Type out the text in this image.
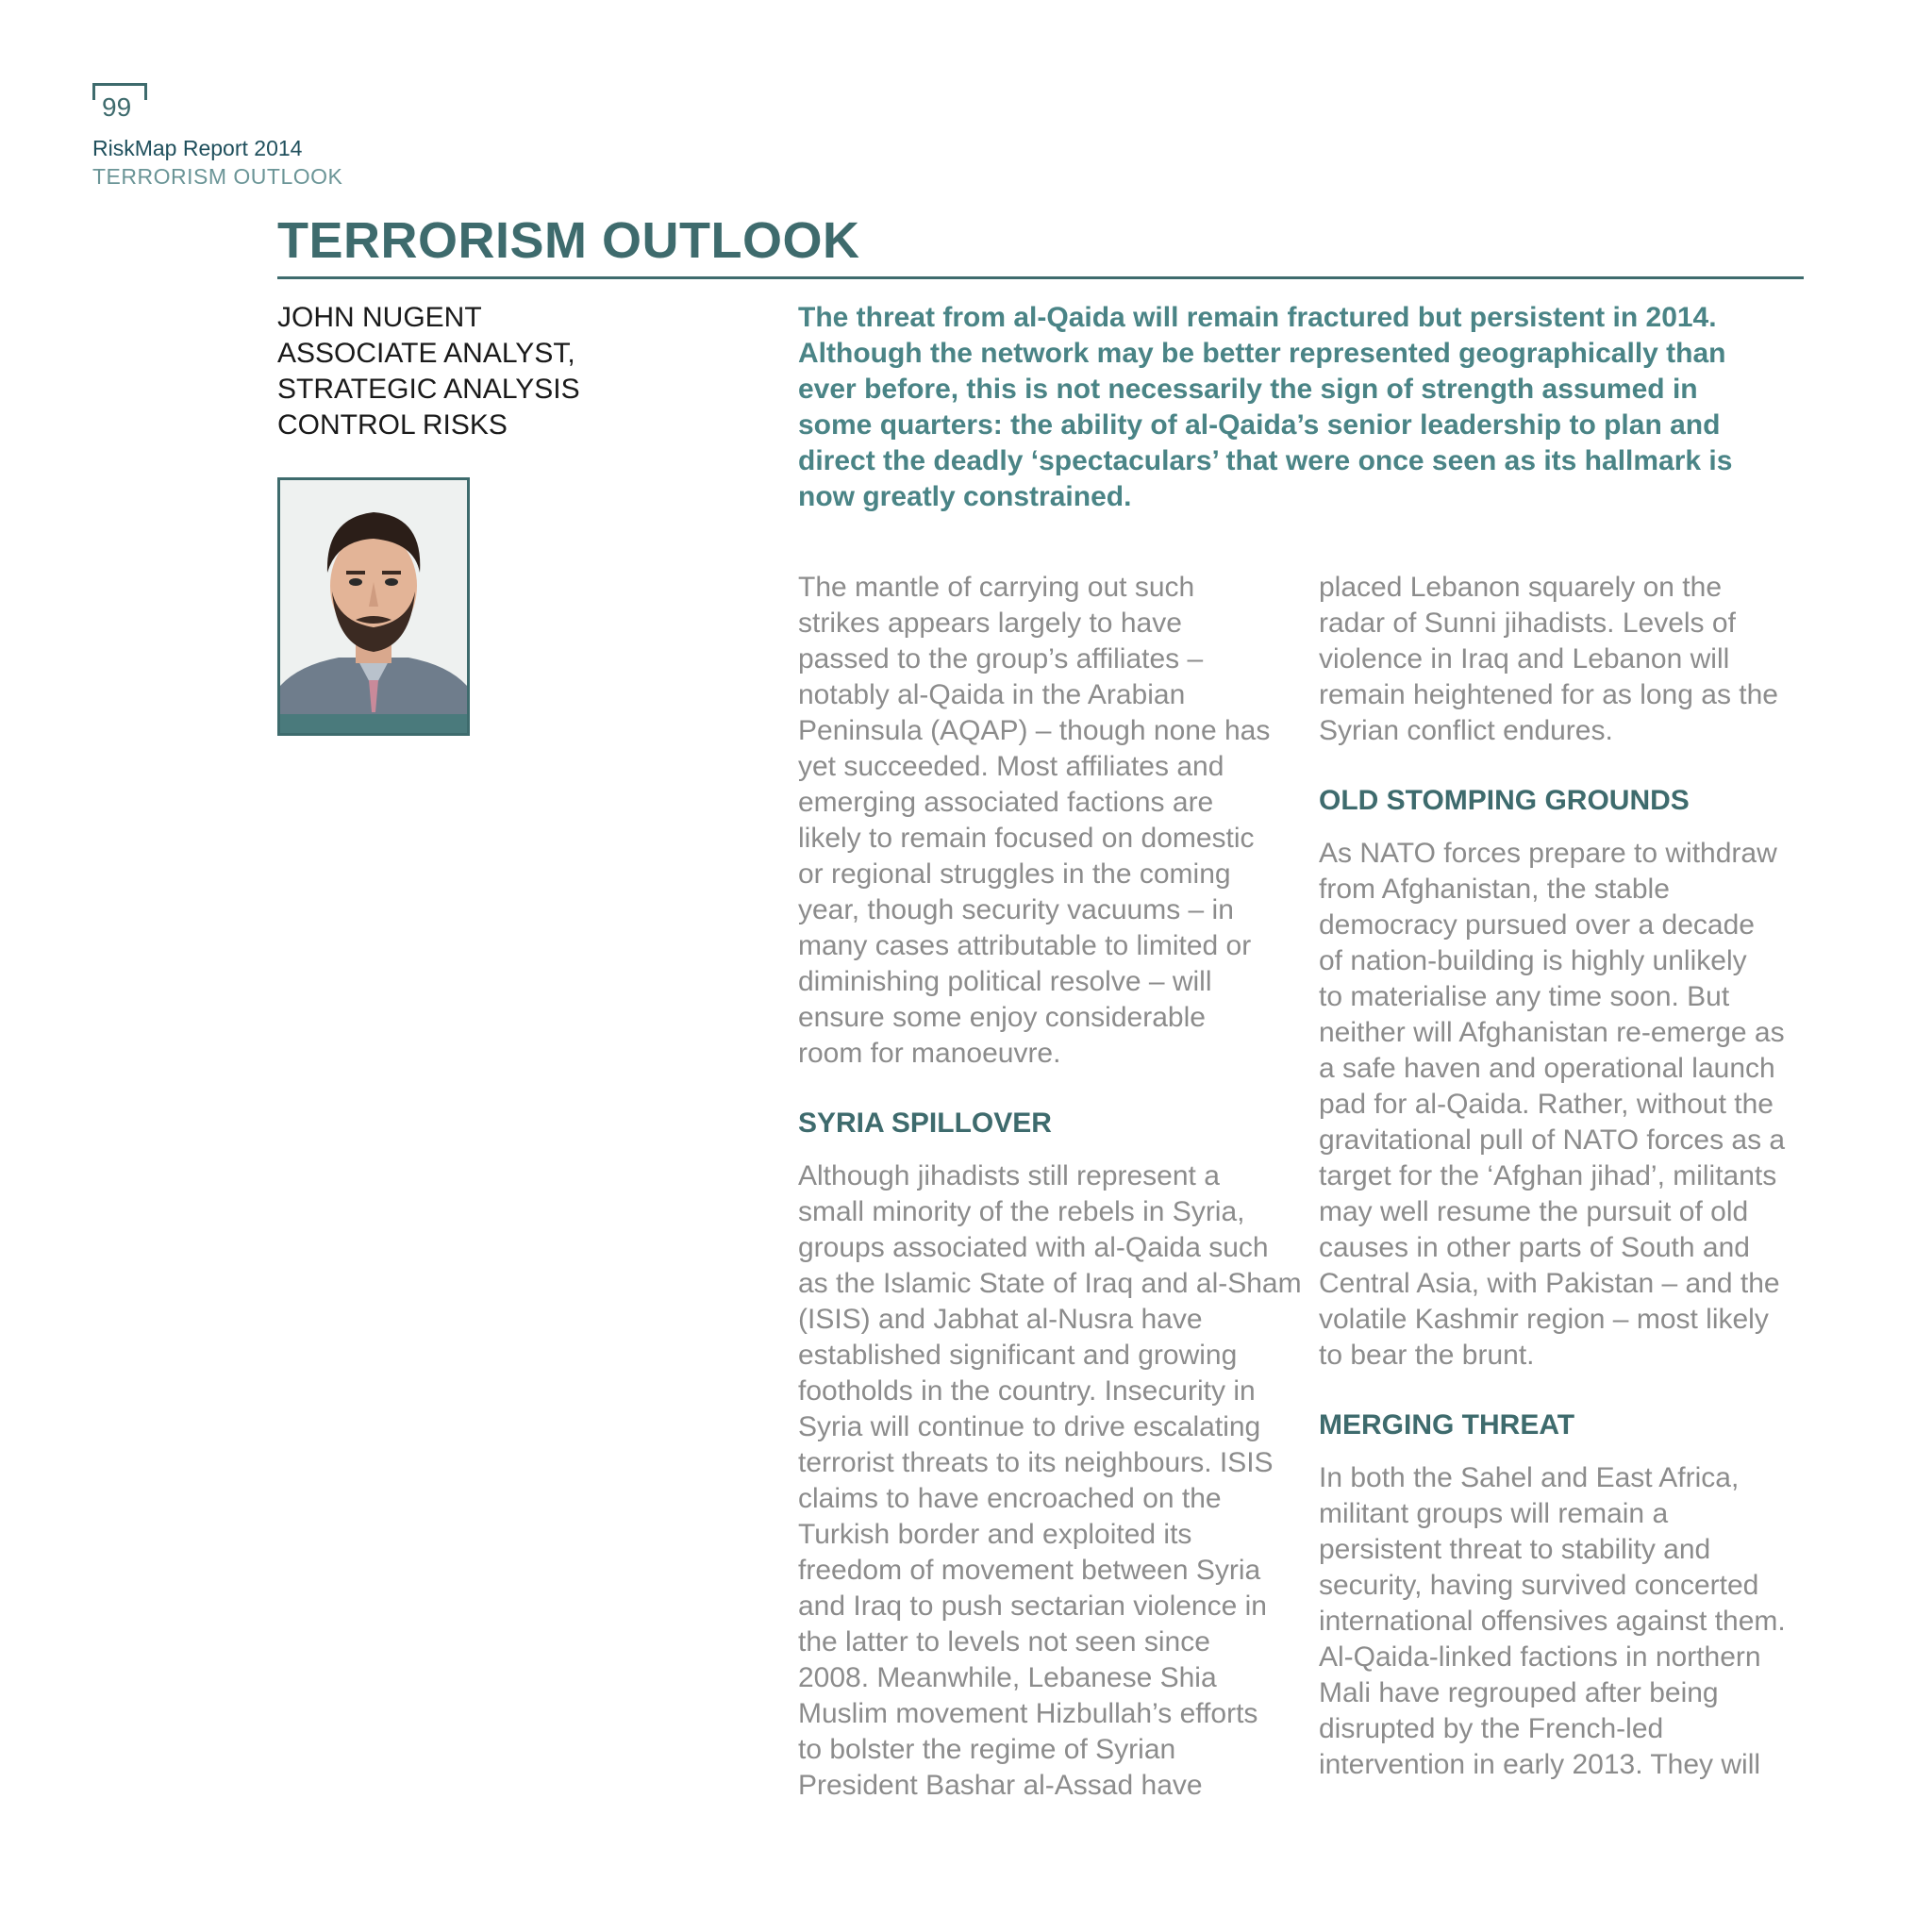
99
RiskMap Report 2014
TERRORISM OUTLOOK
TERRORISM OUTLOOK
JOHN NUGENT
ASSOCIATE ANALYST,
STRATEGIC ANALYSIS
CONTROL RISKS
The threat from al-Qaida will remain fractured but persistent in 2014.
Although the network may be better represented geographically than
ever before, this is not necessarily the sign of strength assumed in
some quarters: the ability of al-Qaida’s senior leadership to plan and
direct the deadly ‘spectaculars’ that were once seen as its hallmark is
now greatly constrained.
The mantle of carrying out such
strikes appears largely to have
passed to the group’s affiliates –
notably al-Qaida in the Arabian
Peninsula (AQAP) – though none has
yet succeeded. Most affiliates and
emerging associated factions are
likely to remain focused on domestic
or regional struggles in the coming
year, though security vacuums – in
many cases attributable to limited or
diminishing political resolve – will
ensure some enjoy considerable
room for manoeuvre.
SYRIA SPILLOVER
Although jihadists still represent a
small minority of the rebels in Syria,
groups associated with al-Qaida such
as the Islamic State of Iraq and al-Sham
(ISIS) and Jabhat al-Nusra have
established significant and growing
footholds in the country. Insecurity in
Syria will continue to drive escalating
terrorist threats to its neighbours. ISIS
claims to have encroached on the
Turkish border and exploited its
freedom of movement between Syria
and Iraq to push sectarian violence in
the latter to levels not seen since
2008. Meanwhile, Lebanese Shia
Muslim movement Hizbullah’s efforts
to bolster the regime of Syrian
President Bashar al-Assad have
placed Lebanon squarely on the
radar of Sunni jihadists. Levels of
violence in Iraq and Lebanon will
remain heightened for as long as the
Syrian conflict endures.
OLD STOMPING GROUNDS
As NATO forces prepare to withdraw
from Afghanistan, the stable
democracy pursued over a decade
of nation-building is highly unlikely
to materialise any time soon. But
neither will Afghanistan re-emerge as
a safe haven and operational launch
pad for al-Qaida. Rather, without the
gravitational pull of NATO forces as a
target for the ‘Afghan jihad’, militants
may well resume the pursuit of old
causes in other parts of South and
Central Asia, with Pakistan – and the
volatile Kashmir region – most likely
to bear the brunt.
MERGING THREAT
In both the Sahel and East Africa,
militant groups will remain a
persistent threat to stability and
security, having survived concerted
international offensives against them.
Al-Qaida-linked factions in northern
Mali have regrouped after being
disrupted by the French-led
intervention in early 2013. They will
